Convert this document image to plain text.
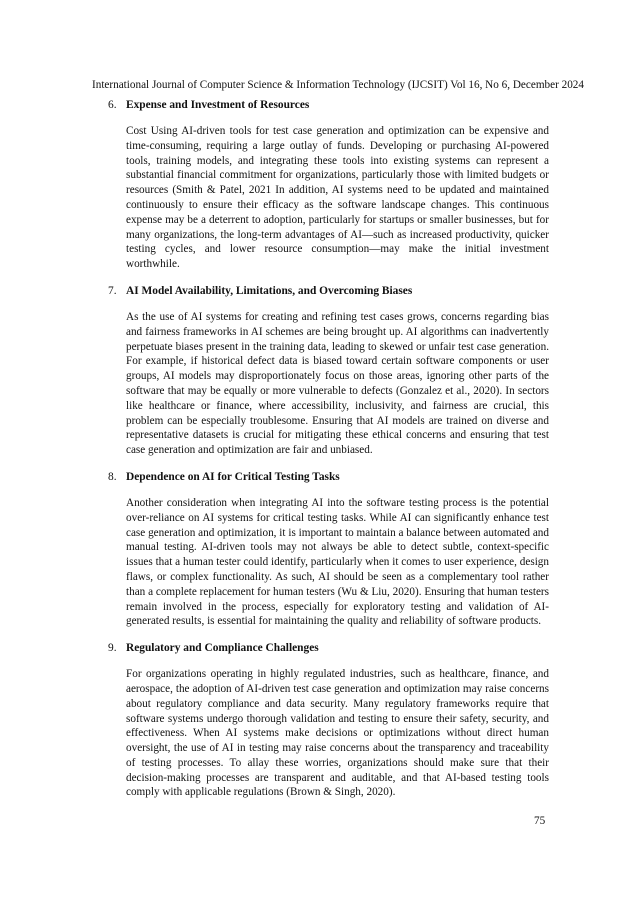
International Journal of Computer Science & Information Technology (IJCSIT) Vol 16, No 6, December 2024
6. Expense and Investment of Resources

Cost Using AI-driven tools for test case generation and optimization can be expensive and time-consuming, requiring a large outlay of funds. Developing or purchasing AI-powered tools, training models, and integrating these tools into existing systems can represent a substantial financial commitment for organizations, particularly those with limited budgets or resources (Smith & Patel, 2021 In addition, AI systems need to be updated and maintained continuously to ensure their efficacy as the software landscape changes. This continuous expense may be a deterrent to adoption, particularly for startups or smaller businesses, but for many organizations, the long-term advantages of AI—such as increased productivity, quicker testing cycles, and lower resource consumption—may make the initial investment worthwhile.

7. AI Model Availability, Limitations, and Overcoming Biases

As the use of AI systems for creating and refining test cases grows, concerns regarding bias and fairness frameworks in AI schemes are being brought up. AI algorithms can inadvertently perpetuate biases present in the training data, leading to skewed or unfair test case generation. For example, if historical defect data is biased toward certain software components or user groups, AI models may disproportionately focus on those areas, ignoring other parts of the software that may be equally or more vulnerable to defects (Gonzalez et al., 2020). In sectors like healthcare or finance, where accessibility, inclusivity, and fairness are crucial, this problem can be especially troublesome. Ensuring that AI models are trained on diverse and representative datasets is crucial for mitigating these ethical concerns and ensuring that test case generation and optimization are fair and unbiased.

8. Dependence on AI for Critical Testing Tasks

Another consideration when integrating AI into the software testing process is the potential over-reliance on AI systems for critical testing tasks. While AI can significantly enhance test case generation and optimization, it is important to maintain a balance between automated and manual testing. AI-driven tools may not always be able to detect subtle, context-specific issues that a human tester could identify, particularly when it comes to user experience, design flaws, or complex functionality. As such, AI should be seen as a complementary tool rather than a complete replacement for human testers (Wu & Liu, 2020). Ensuring that human testers remain involved in the process, especially for exploratory testing and validation of AI-generated results, is essential for maintaining the quality and reliability of software products.

9. Regulatory and Compliance Challenges

For organizations operating in highly regulated industries, such as healthcare, finance, and aerospace, the adoption of AI-driven test case generation and optimization may raise concerns about regulatory compliance and data security. Many regulatory frameworks require that software systems undergo thorough validation and testing to ensure their safety, security, and effectiveness. When AI systems make decisions or optimizations without direct human oversight, the use of AI in testing may raise concerns about the transparency and traceability of testing processes. To allay these worries, organizations should make sure that their decision-making processes are transparent and auditable, and that AI-based testing tools comply with applicable regulations (Brown & Singh, 2020).

75
